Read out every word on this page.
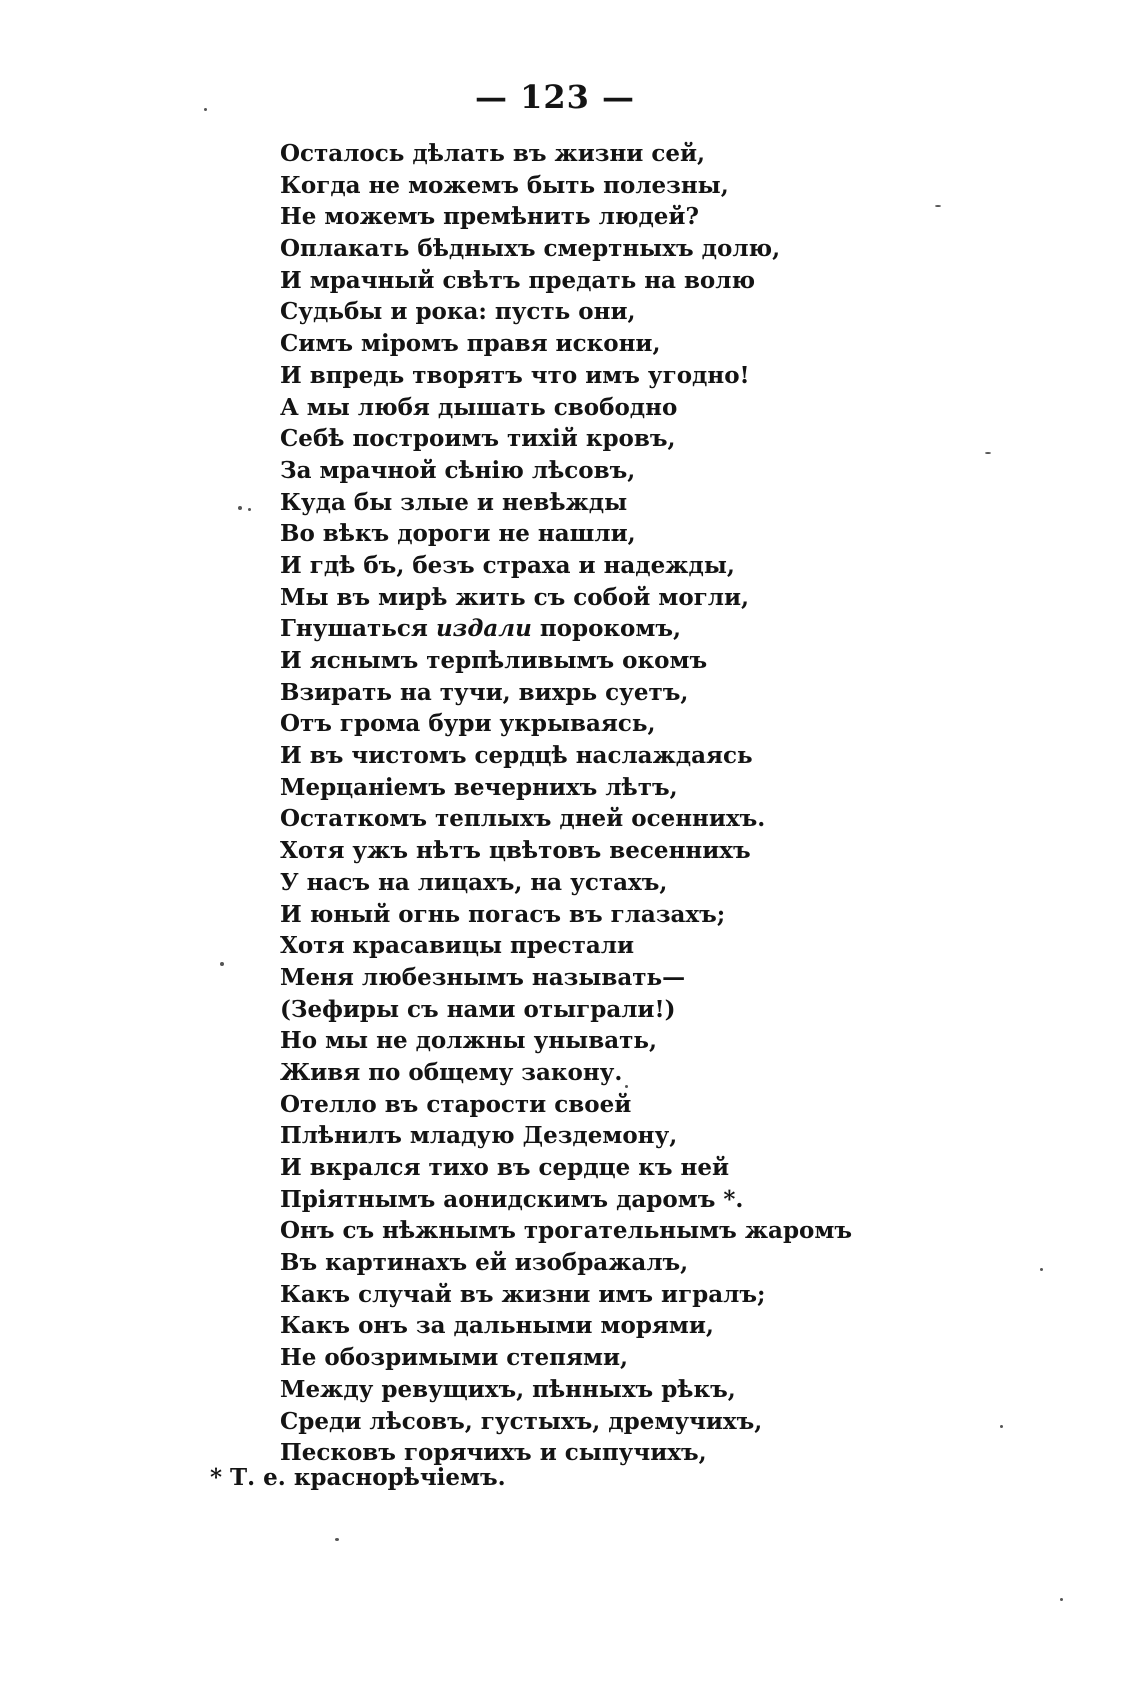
— 123 —

Осталось дѣлать въ жизни сей,
Когда не можемъ быть полезны,
Не можемъ премѣнить людей?
Оплакать бѣдныхъ смертныхъ долю,
И мрачный свѣтъ предать на волю
Судьбы и рока: пусть они,
Симъ міромъ правя искони,
И впредь творятъ что имъ угодно!
А мы любя дышать свободно
Себѣ построимъ тихій кровъ,
За мрачной сѣнію лѣсовъ,
Куда бы злые и невѣжды
Во вѣкъ дороги не нашли,
И гдѣ бъ, безъ страха и надежды,
Мы въ мирѣ жить съ собой могли,
Гнушаться издали порокомъ,
И яснымъ терпѣливымъ окомъ
Взирать на тучи, вихрь суетъ,
Отъ грома бури укрываясь,
И въ чистомъ сердцѣ наслаждаясь
Мерцаніемъ вечернихъ лѣтъ,
Остаткомъ теплыхъ дней осеннихъ.
Хотя ужъ нѣтъ цвѣтовъ весеннихъ
У насъ на лицахъ, на устахъ,
И юный огнь погасъ въ глазахъ;
Хотя красавицы престали
Меня любезнымъ называть—
(Зефиры съ нами отыграли!)
Но мы не должны унывать,
Живя по общему закону.
Отелло въ старости своей
Плѣнилъ младую Дездемону,
И вкрался тихо въ сердце къ ней
Пріятнымъ аонидскимъ даромъ *.
Онъ съ нѣжнымъ трогательнымъ жаромъ
Въ картинахъ ей изображалъ,
Какъ случай въ жизни имъ игралъ;
Какъ онъ за дальными морями,
Не обозримыми степями,
Между ревущихъ, пѣнныхъ рѣкъ,
Среди лѣсовъ, густыхъ, дремучихъ,
Песковъ горячихъ и сыпучихъ,

* Т. е. краснорѣчіемъ.
